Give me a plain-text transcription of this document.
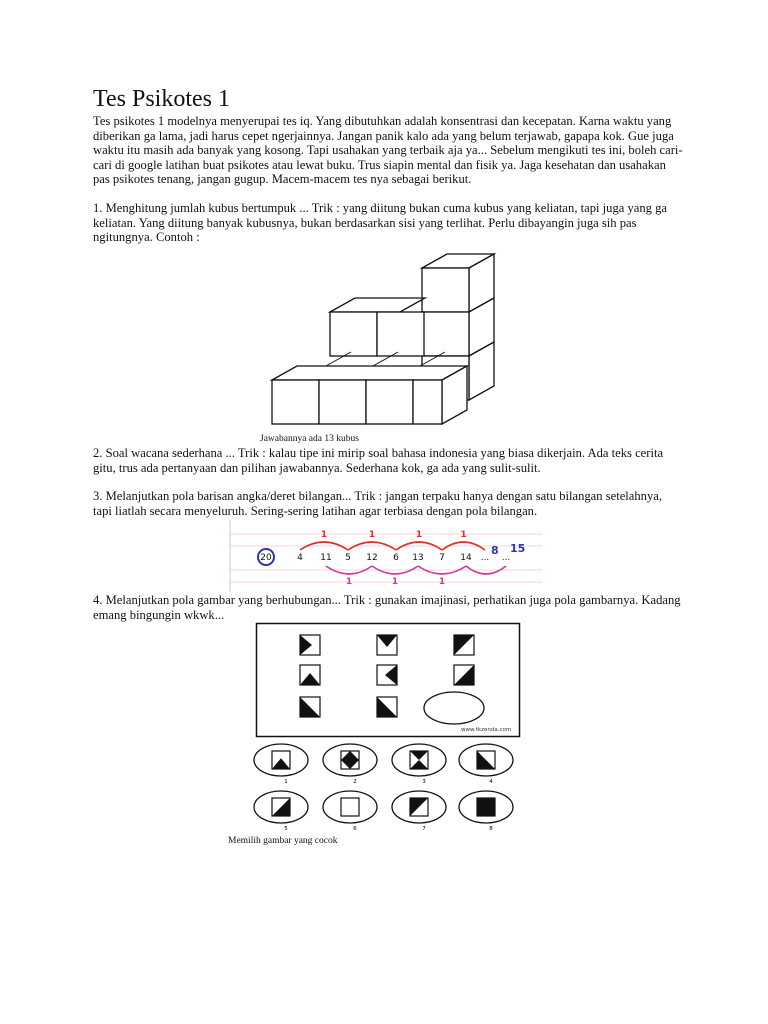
Tes Psikotes 1

Tes psikotes 1 modelnya menyerupai tes iq. Yang dibutuhkan adalah konsentrasi dan kecepatan. Karna waktu yang diberikan ga lama, jadi harus cepet ngerjainnya. Jangan panik kalo ada yang belum terjawab, gapapa kok. Gue juga waktu itu masih ada banyak yang kosong. Tapi usahakan yang terbaik aja ya... Sebelum mengikuti tes ini, boleh cari-cari di google latihan buat psikotes atau lewat buku. Trus siapin mental dan fisik ya. Jaga kesehatan dan usahakan pas psikotes tenang, jangan gugup. Macem-macem tes nya sebagai berikut.

1. Menghitung jumlah kubus bertumpuk ... Trik : yang diitung bukan cuma kubus yang keliatan, tapi juga yang ga keliatan. Yang diitung banyak kubusnya, bukan berdasarkan sisi yang terlihat. Perlu dibayangin juga sih pas ngitungnya. Contoh :

Jawabannya ada 13 kubus

2. Soal wacana sederhana ... Trik : kalau tipe ini mirip soal bahasa indonesia yang biasa dikerjain. Ada teks cerita gitu, trus ada pertanyaan dan pilihan jawabannya. Sederhana kok, ga ada yang sulit-sulit.

3. Melanjutkan pola barisan angka/deret bilangan... Trik : jangan terpaku hanya dengan satu bilangan setelahnya, tapi liatlah secara menyeluruh. Sering-sering latihan agar terbiasa dengan pola bilangan.

20	4 11 5 12 6 13 7 14 ... ...
1	1	1	1
1	1	1
8 15

4. Melanjutkan pola gambar yang berhubungan... Trik : gunakan imajinasi, perhatikan juga pola gambarnya. Kadang emang bingungin wkwk...

www.tkzenda.com
1	2	3	4
5	6	7	8
Memilih gambar yang cocok
